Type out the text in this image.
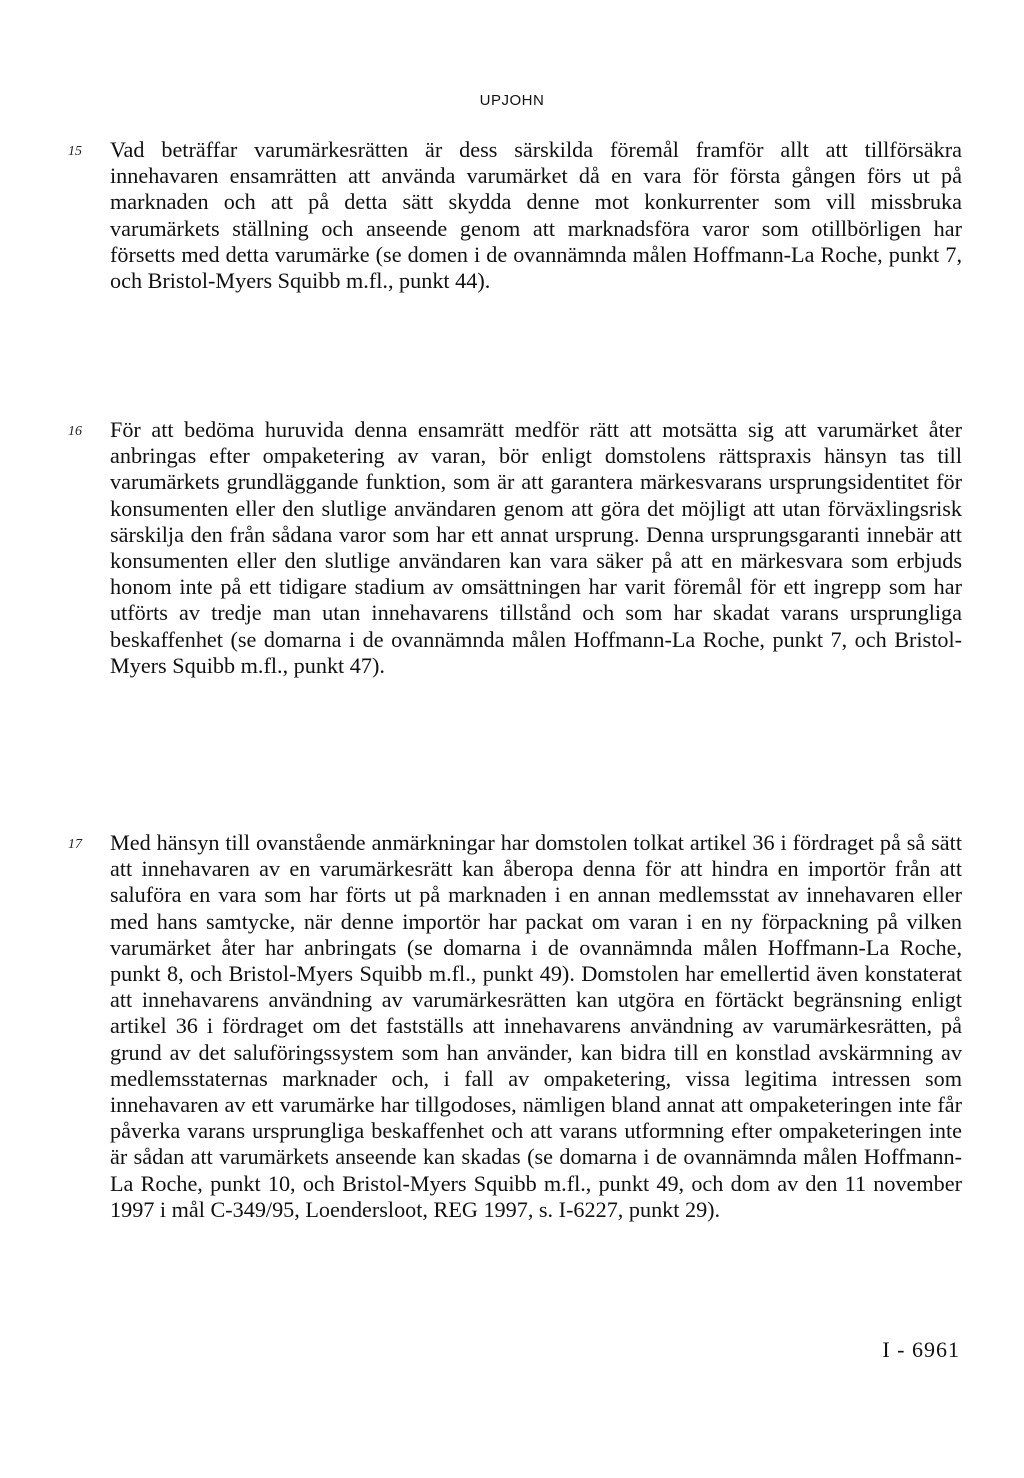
UPJOHN
15 Vad beträffar varumärkesrätten är dess särskilda föremål framför allt att tillförsäkra innehavaren ensamrätten att använda varumärket då en vara för första gången förs ut på marknaden och att på detta sätt skydda denne mot konkurrenter som vill missbruka varumärkets ställning och anseende genom att marknadsföra varor som otillbörligen har försetts med detta varumärke (se domen i de ovannämnda målen Hoffmann-La Roche, punkt 7, och Bristol-Myers Squibb m.fl., punkt 44).

16 För att bedöma huruvida denna ensamrätt medför rätt att motsätta sig att varumärket åter anbringas efter ompaketering av varan, bör enligt domstolens rättspraxis hänsyn tas till varumärkets grundläggande funktion, som är att garantera märkesvarans ursprungsidentitet för konsumenten eller den slutlige användaren genom att göra det möjligt att utan förväxlingsrisk särskilja den från sådana varor som har ett annat ursprung. Denna ursprungsgaranti innebär att konsumenten eller den slutlige användaren kan vara säker på att en märkesvara som erbjuds honom inte på ett tidigare stadium av omsättningen har varit föremål för ett ingrepp som har utförts av tredje man utan innehavarens tillstånd och som har skadat varans ursprungliga beskaffenhet (se domarna i de ovannämnda målen Hoffmann-La Roche, punkt 7, och Bristol-Myers Squibb m.fl., punkt 47).

17 Med hänsyn till ovanstående anmärkningar har domstolen tolkat artikel 36 i fördraget på så sätt att innehavaren av en varumärkesrätt kan åberopa denna för att hindra en importör från att saluföra en vara som har förts ut på marknaden i en annan medlemsstat av innehavaren eller med hans samtycke, när denne importör har packat om varan i en ny förpackning på vilken varumärket åter har anbringats (se domarna i de ovannämnda målen Hoffmann-La Roche, punkt 8, och Bristol-Myers Squibb m.fl., punkt 49). Domstolen har emellertid även konstaterat att innehavarens användning av varumärkesrätten kan utgöra en förtäckt begränsning enligt artikel 36 i fördraget om det fastställs att innehavarens användning av varumärkesrätten, på grund av det saluföringssystem som han använder, kan bidra till en konstlad avskärmning av medlemsstaternas marknader och, i fall av ompaketering, vissa legitima intressen som innehavaren av ett varumärke har tillgodoses, nämligen bland annat att ompaketeringen inte får påverka varans ursprungliga beskaffenhet och att varans utformning efter ompaketeringen inte är sådan att varumärkets anseende kan skadas (se domarna i de ovannämnda målen Hoffmann-La Roche, punkt 10, och Bristol-Myers Squibb m.fl., punkt 49, och dom av den 11 november 1997 i mål C-349/95, Loendersloot, REG 1997, s. I-6227, punkt 29).

I - 6961
